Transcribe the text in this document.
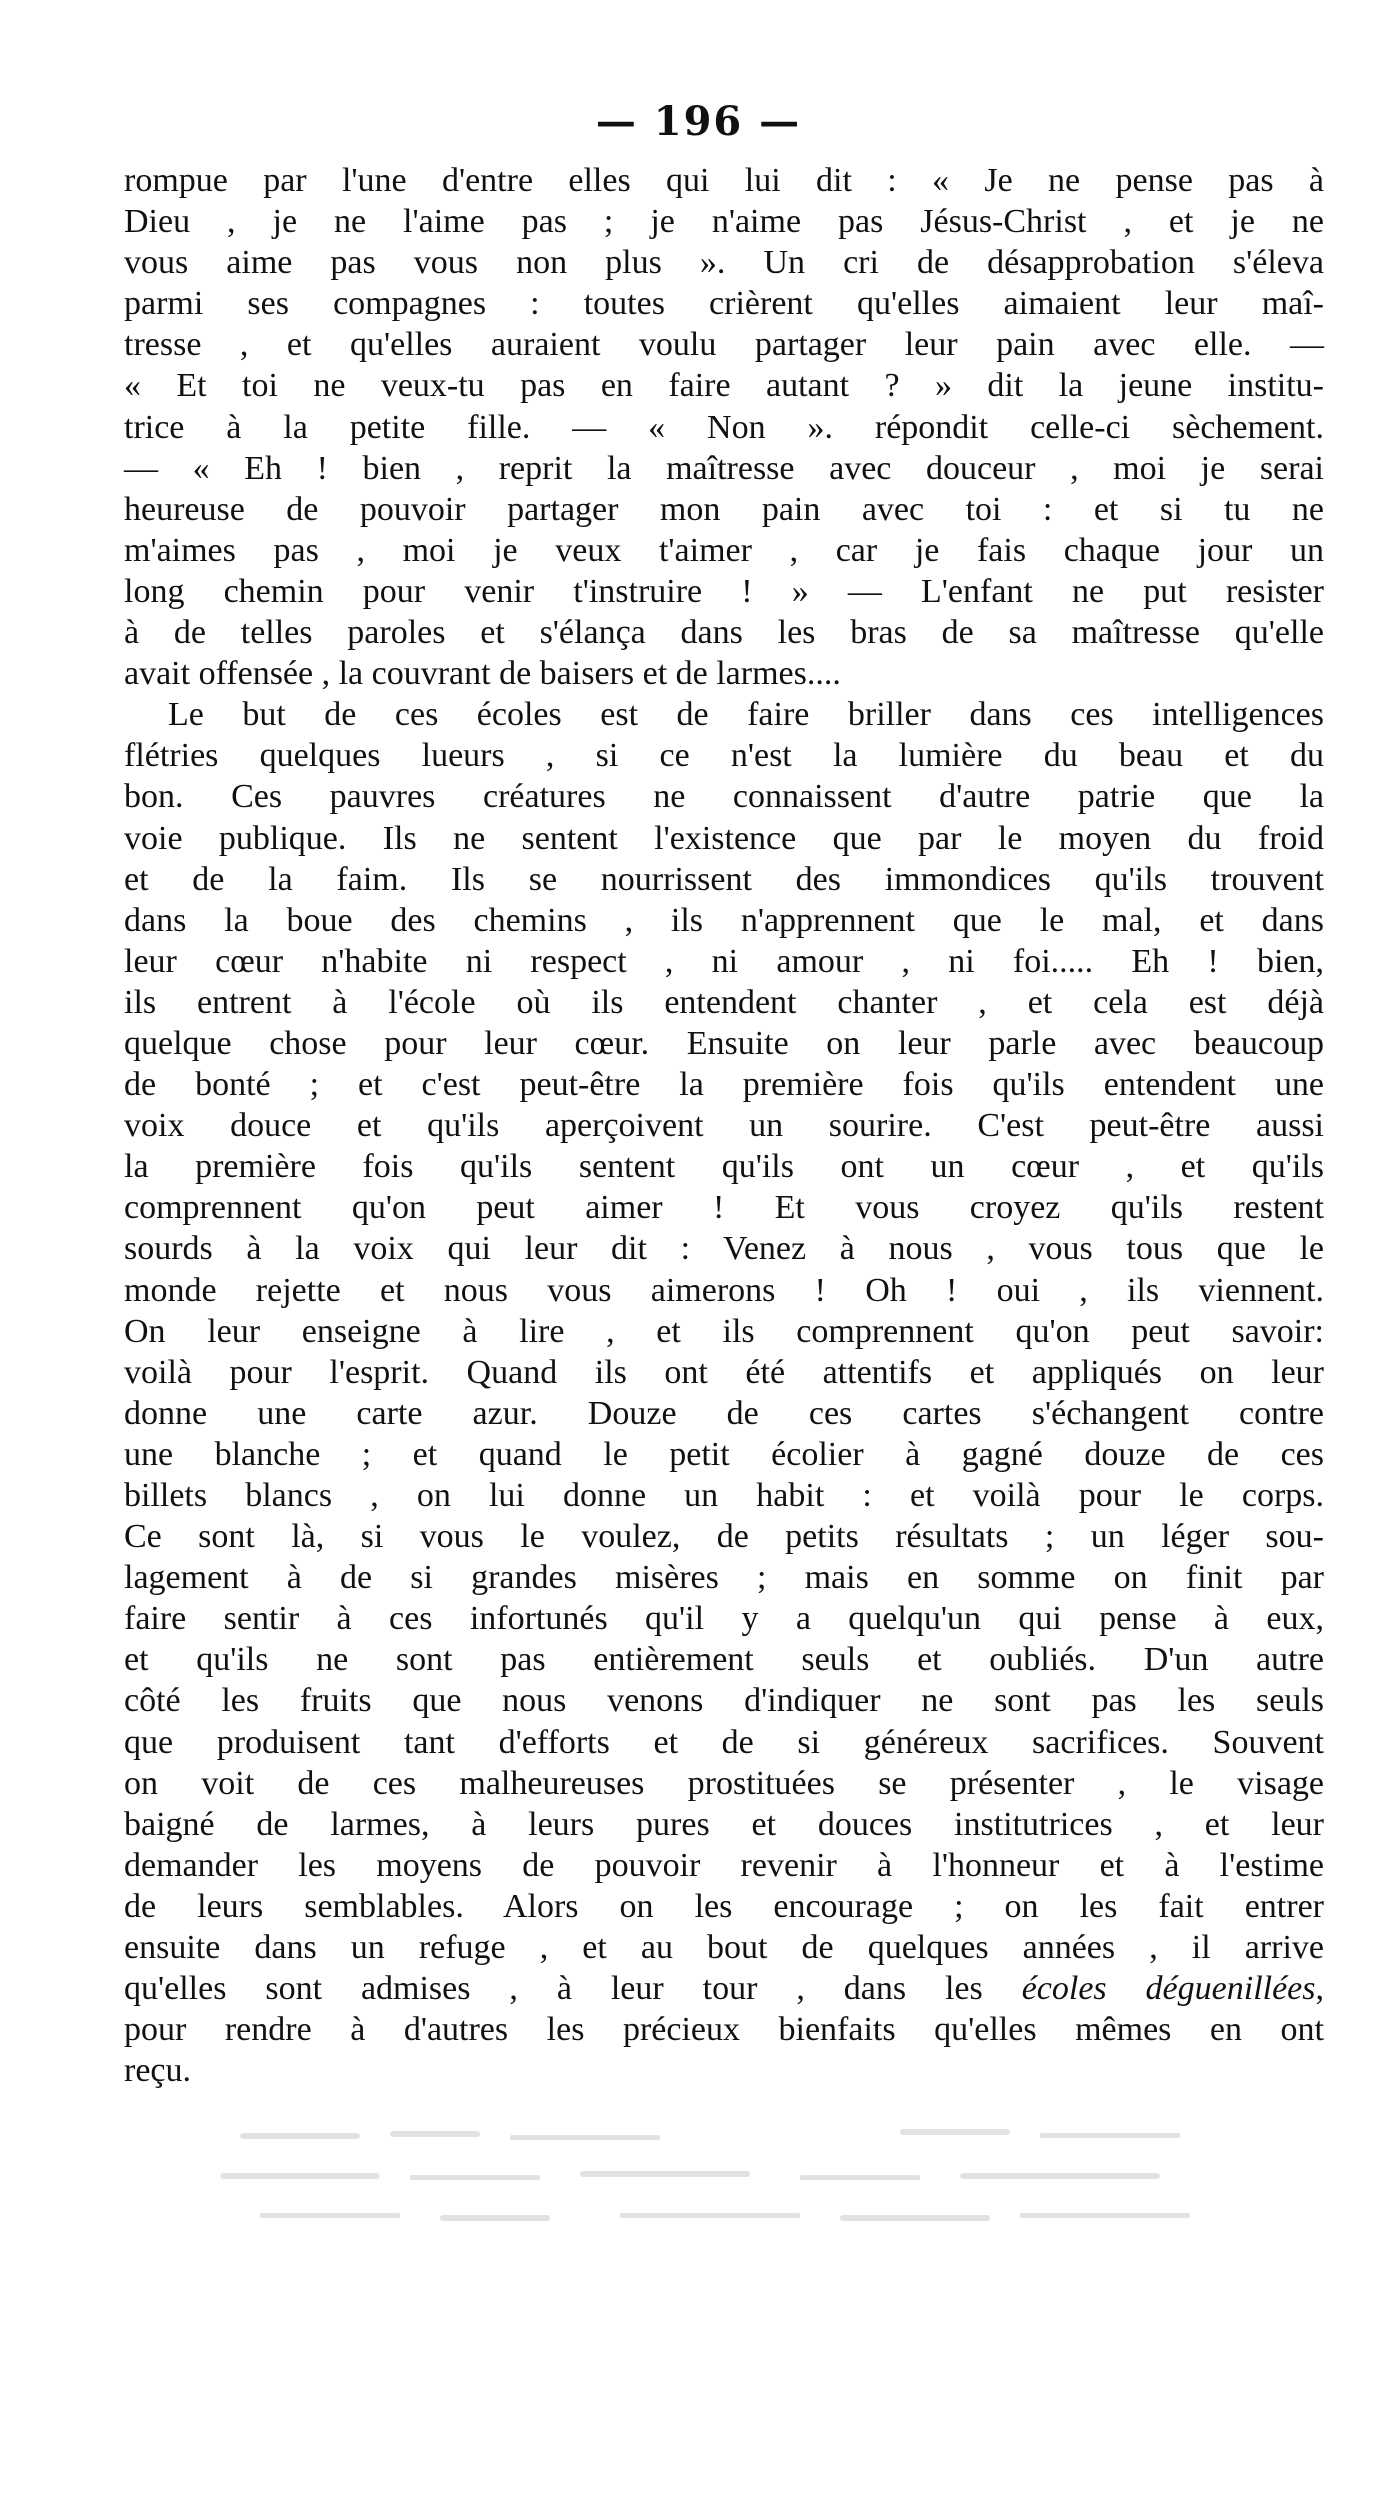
— 196 —
rompue par l'une d'entre elles qui lui dit : « Je ne pense pas à
Dieu , je ne l'aime pas ; je n'aime pas Jésus-Christ , et je ne
vous aime pas vous non plus ». Un cri de désapprobation s'éleva
parmi ses compagnes : toutes crièrent qu'elles aimaient leur maî-
tresse , et qu'elles auraient voulu partager leur pain avec elle. —
« Et toi ne veux-tu pas en faire autant ? » dit la jeune institu-
trice à la petite fille. — « Non ». répondit celle-ci sèchement.
— « Eh ! bien , reprit la maîtresse avec douceur , moi je serai
heureuse de pouvoir partager mon pain avec toi : et si tu ne
m'aimes pas , moi je veux t'aimer , car je fais chaque jour un
long chemin pour venir t'instruire ! » — L'enfant ne put resister
à de telles paroles et s'élança dans les bras de sa maîtresse qu'elle
avait offensée , la couvrant de baisers et de larmes....
Le but de ces écoles est de faire briller dans ces intelligences
flétries quelques lueurs , si ce n'est la lumière du beau et du
bon. Ces pauvres créatures ne connaissent d'autre patrie que la
voie publique. Ils ne sentent l'existence que par le moyen du froid
et de la faim. Ils se nourrissent des immondices qu'ils trouvent
dans la boue des chemins , ils n'apprennent que le mal, et dans
leur cœur n'habite ni respect , ni amour , ni foi..... Eh ! bien,
ils entrent à l'école où ils entendent chanter , et cela est déjà
quelque chose pour leur cœur. Ensuite on leur parle avec beaucoup
de bonté ; et c'est peut-être la première fois qu'ils entendent une
voix douce et qu'ils aperçoivent un sourire. C'est peut-être aussi
la première fois qu'ils sentent qu'ils ont un cœur , et qu'ils
comprennent qu'on peut aimer ! Et vous croyez qu'ils restent
sourds à la voix qui leur dit : Venez à nous , vous tous que le
monde rejette et nous vous aimerons ! Oh ! oui , ils viennent.
On leur enseigne à lire , et ils comprennent qu'on peut savoir:
voilà pour l'esprit. Quand ils ont été attentifs et appliqués on leur
donne une carte azur. Douze de ces cartes s'échangent contre
une blanche ; et quand le petit écolier à gagné douze de ces
billets blancs , on lui donne un habit : et voilà pour le corps.
Ce sont là, si vous le voulez, de petits résultats ; un léger sou-
lagement à de si grandes misères ; mais en somme on finit par
faire sentir à ces infortunés qu'il y a quelqu'un qui pense à eux,
et qu'ils ne sont pas entièrement seuls et oubliés. D'un autre
côté les fruits que nous venons d'indiquer ne sont pas les seuls
que produisent tant d'efforts et de si généreux sacrifices. Souvent
on voit de ces malheureuses prostituées se présenter , le visage
baigné de larmes, à leurs pures et douces institutrices , et leur
demander les moyens de pouvoir revenir à l'honneur et à l'estime
de leurs semblables. Alors on les encourage ; on les fait entrer
ensuite dans un refuge , et au bout de quelques années , il arrive
qu'elles sont admises , à leur tour , dans les écoles déguenillées,
pour rendre à d'autres les précieux bienfaits qu'elles mêmes en ont
reçu.
